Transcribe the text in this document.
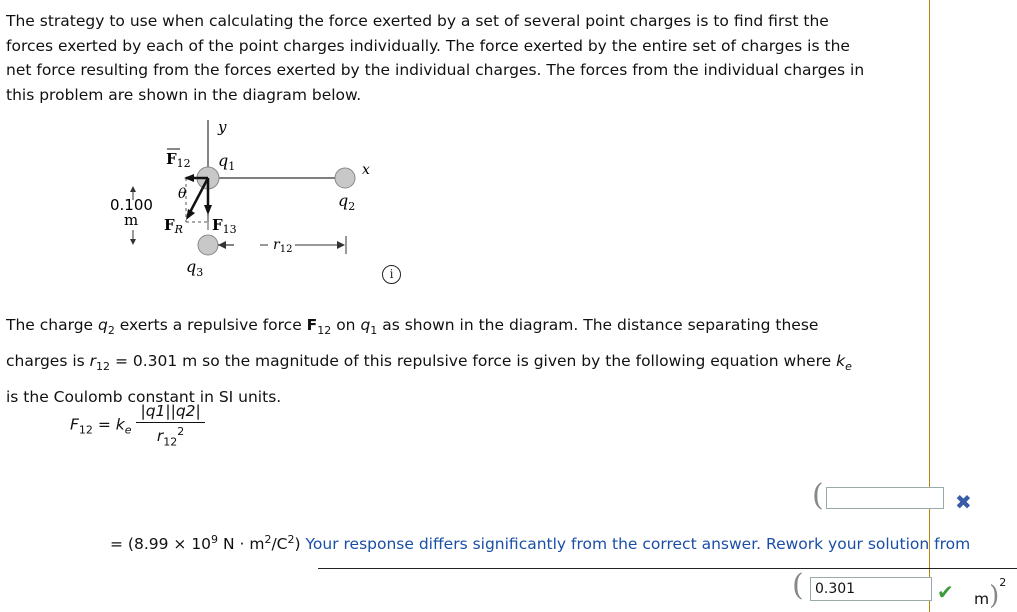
The strategy to use when calculating the force exerted by a set of several point charges is to find first the
forces exerted by each of the point charges individually. The force exerted by the entire set of charges is the
net force resulting from the forces exerted by the individual charges. The forces from the individual charges in
this problem are shown in the diagram below.

y
x
$q_1$
$q_2$
$q_3$
$F_{12}$
$F_{13}$
$F_R$
θ
0.100
m
$r_{12}$
i

The charge $q_2$ exerts a repulsive force $F_{12}$ on $q_1$ as shown in the diagram. The distance separating these
charges is $r_{12} = 0.301$ m so the magnitude of this repulsive force is given by the following equation where $k_e$
is the Coulomb constant in SI units.

$F_{12} = k_e \frac{|q1||q2|}{r_{12}^2}$
(	✖
= ($8.99 \times 10^9$ $N \cdot m^2/C^2$) Your response differs significantly from the correct answer. Rework your solution from
(
0.301	✔ m)$^2$
